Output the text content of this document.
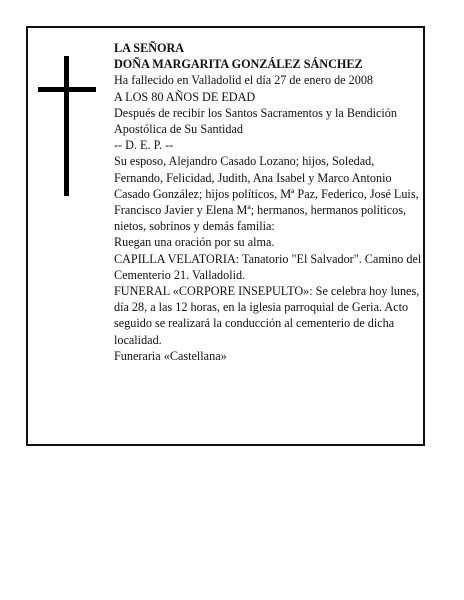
LA SEÑORA

DOÑA MARGARITA GONZÁLEZ SÁNCHEZ

Ha fallecido en Valladolid el día 27 de enero de 2008

A LOS 80 AÑOS DE EDAD

Después de recibir los Santos Sacramentos y la Bendición Apostólica de Su Santidad

-- D. E. P. --

Su esposo, Alejandro Casado Lozano; hijos, Soledad, Fernando, Felicidad, Judith, Ana Isabel y Marco Antonio Casado González; hijos políticos, Mª Paz, Federico, José Luis, Francisco Javier y Elena Mª; hermanos, hermanos políticos, nietos, sobrinos y demás familia:

Ruegan una oración por su alma.

CAPILLA VELATORIA: Tanatorio "El Salvador". Camino del Cementerio 21. Valladolid.

FUNERAL «CORPORE INSEPULTO»: Se celebra hoy lunes, día 28, a las 12 horas, en la iglesia parroquial de Geria. Acto seguido se realizará la conducción al cementerio de dicha localidad.

Funeraria «Castellana»
